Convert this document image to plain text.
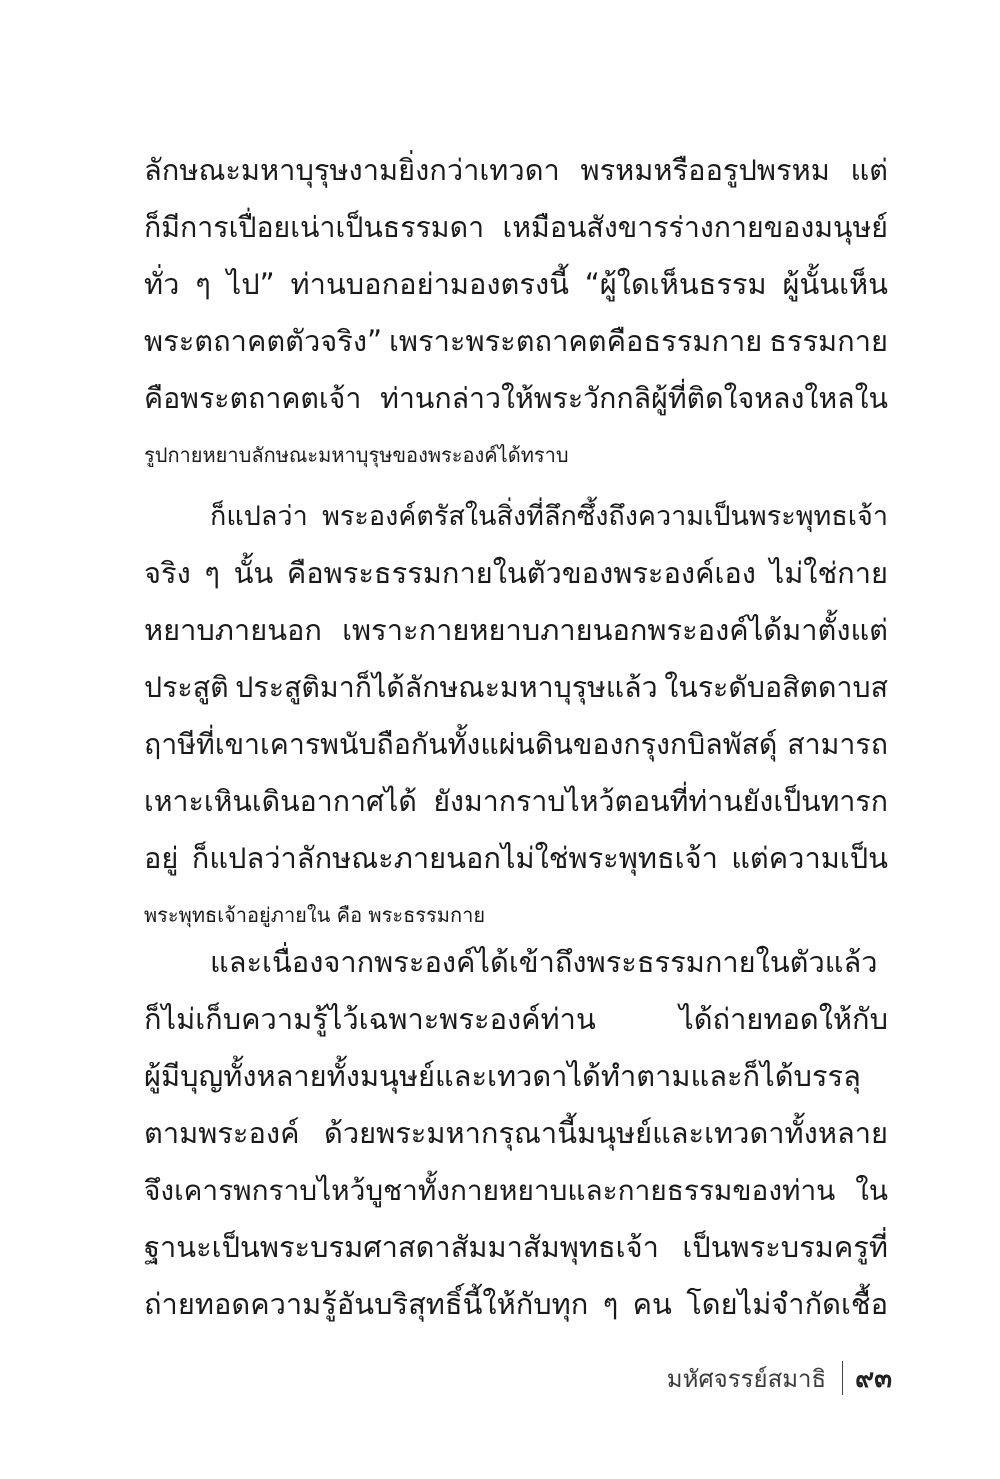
ลักษณะมหาบุรุษงามยิ่งกว่าเทวดา พรหมหรืออรูปพรหม แต่
ก็มีการเปื่อยเน่าเป็นธรรมดา เหมือนสังขารร่างกายของมนุษย์
ทั่ว ๆ ไป” ท่านบอกอย่ามองตรงนี้ “ผู้ใดเห็นธรรม ผู้นั้นเห็น
พระตถาคตตัวจริง” เพราะพระตถาคตคือธรรมกาย ธรรมกาย
คือพระตถาคตเจ้า ท่านกล่าวให้พระวักกลิผู้ที่ติดใจหลงใหลใน
รูปกายหยาบลักษณะมหาบุรุษของพระองค์ได้ทราบ
ก็แปลว่า พระองค์ตรัสในสิ่งที่ลึกซึ้งถึงความเป็นพระพุทธเจ้า
จริง ๆ นั้น คือพระธรรมกายในตัวของพระองค์เอง ไม่ใช่กาย
หยาบภายนอก เพราะกายหยาบภายนอกพระองค์ได้มาตั้งแต่
ประสูติ ประสูติมาก็ได้ลักษณะมหาบุรุษแล้ว ในระดับอสิตดาบส
ฤาษีที่เขาเคารพนับถือกันทั้งแผ่นดินของกรุงกบิลพัสดุ์ สามารถ
เหาะเหินเดินอากาศได้ ยังมากราบไหว้ตอนที่ท่านยังเป็นทารก
อยู่ ก็แปลว่าลักษณะภายนอกไม่ใช่พระพุทธเจ้า แต่ความเป็น
พระพุทธเจ้าอยู่ภายใน คือ พระธรรมกาย
และเนื่องจากพระองค์ได้เข้าถึงพระธรรมกายในตัวแล้ว
ก็ไม่เก็บความรู้ไว้เฉพาะพระองค์ท่าน	ได้ถ่ายทอดให้กับ
ผู้มีบุญทั้งหลายทั้งมนุษย์และเทวดาได้ทำตามและก็ได้บรรลุ
ตามพระองค์ ด้วยพระมหากรุณานี้มนุษย์และเทวดาทั้งหลาย
จึงเคารพกราบไหว้บูชาทั้งกายหยาบและกายธรรมของท่าน ใน
ฐานะเป็นพระบรมศาสดาสัมมาสัมพุทธเจ้า เป็นพระบรมครูที่
ถ่ายทอดความรู้อันบริสุทธิ์นี้ให้กับทุก ๆ คน โดยไม่จำกัดเชื้อ
มหัศจรรย์สมาธิ ๙๓
